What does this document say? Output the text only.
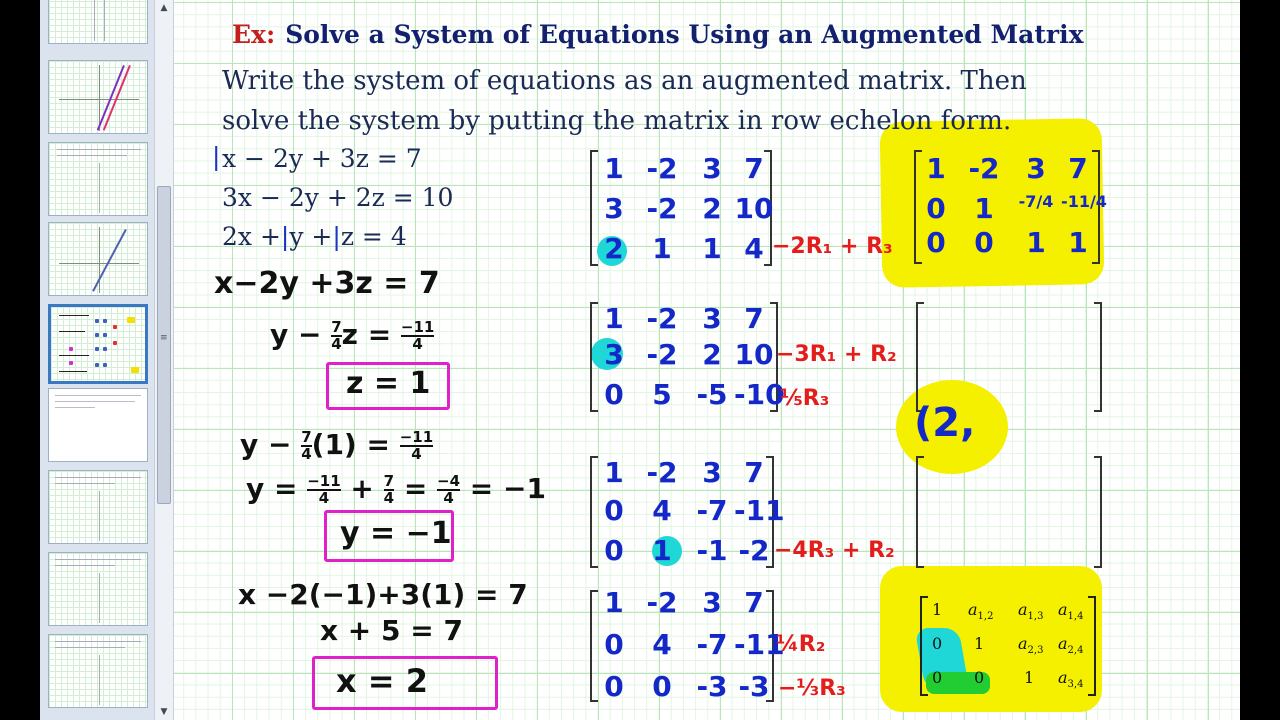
▲
≡
▼
Ex: Solve a System of Equations Using an Augmented Matrix
Write the system of equations as an augmented matrix. Then
solve the system by putting the matrix in row echelon form.
| x − 2y + 3z = 7
3x − 2y + 2z = 10
2x +|y +|z = 4
x−2y +3z = 7
$y - \frac{7}{4}$ $z = \frac{-11}{4}$
z = 1
$y - \frac{7}{4} (1) = \frac{-11}{4}$
$y = \frac{-11}{4} + \frac{7}{4} = \frac{-4}{4} = -1$
y = −1
x −2(−1)+3(1) = 7
x + 5 = 7
x = 2
1 -2 3 7
3 -2 2 10
2	1	1 4 −2R₁ + R₃
1 -2 3 7
3 -2 2 10
0	5 -5 -10
−3R₁ + R₂
⅕R₃
1 -2 3 7
0	4 -7 -11
0	1 -1 -2 −4R₃ + R₂
1 -2 3 7
0	4 -7 -11
0	0 -3 -3
¼R₂
−⅓R₃
1 -2 3 7
0	1	-7/4 -11/4
0	0	1 1
(2,
1 $a_{1,2}$ $a_{1,3}$ $a_{1,4}$
0 1 $a_{2,3}$ $a_{2,4}$
0 0 1 $a_{3,4}$
